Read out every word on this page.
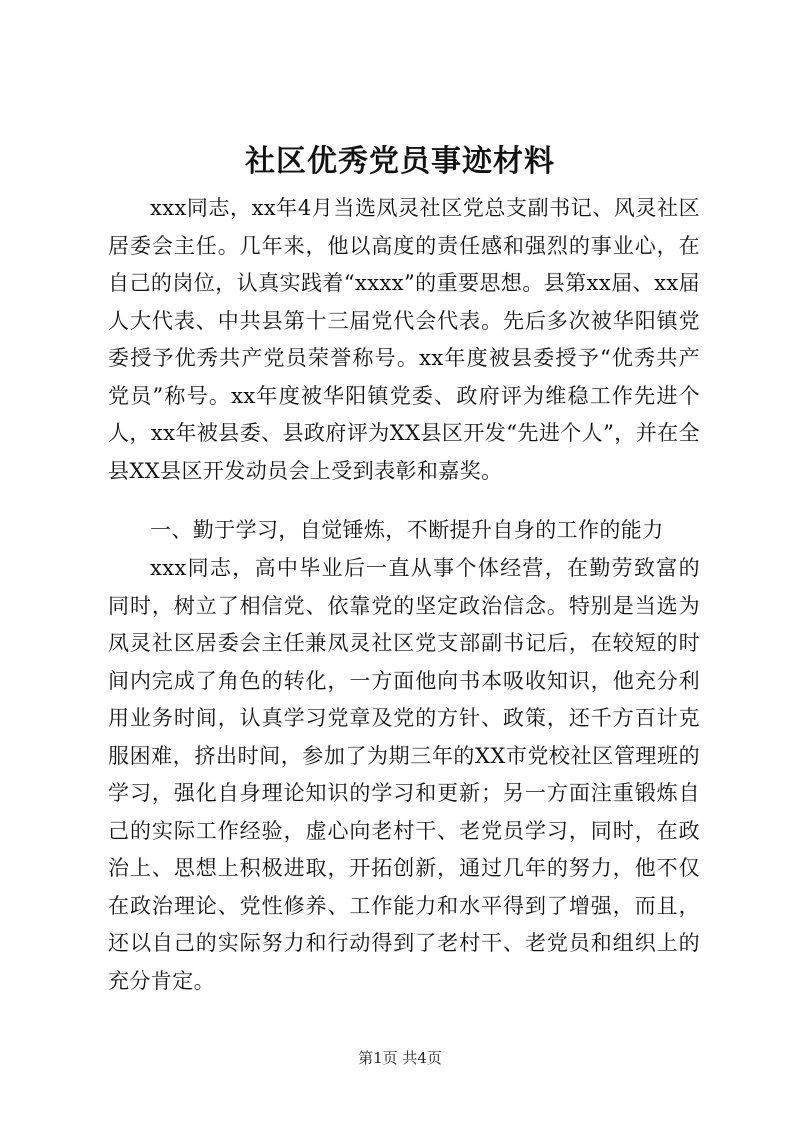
社区优秀党员事迹材料

xxx同志，xx年4月当选凤灵社区党总支副书记、风灵社区居委会主任。几年来，他以高度的责任感和强烈的事业心，在自己的岗位，认真实践着“xxxx”的重要思想。县第xx届、xx届人大代表、中共县第十三届党代会代表。先后多次被华阳镇党委授予优秀共产党员荣誉称号。xx年度被县委授予“优秀共产党员”称号。xx年度被华阳镇党委、政府评为维稳工作先进个人，xx年被县委、县政府评为XX县区开发“先进个人”，并在全县XX县区开发动员会上受到表彰和嘉奖。

一、勤于学习，自觉锤炼，不断提升自身的工作的能力

xxx同志，高中毕业后一直从事个体经营，在勤劳致富的同时，树立了相信党、依靠党的坚定政治信念。特别是当选为凤灵社区居委会主任兼凤灵社区党支部副书记后，在较短的时间内完成了角色的转化，一方面他向书本吸收知识，他充分利用业务时间，认真学习党章及党的方针、政策，还千方百计克服困难，挤出时间，参加了为期三年的XX市党校社区管理班的学习，强化自身理论知识的学习和更新；另一方面注重锻炼自己的实际工作经验，虚心向老村干、老党员学习，同时，在政治上、思想上积极进取，开拓创新，通过几年的努力，他不仅在政治理论、党性修养、工作能力和水平得到了增强，而且，还以自己的实际努力和行动得到了老村干、老党员和组织上的充分肯定。

第1页 共4页
